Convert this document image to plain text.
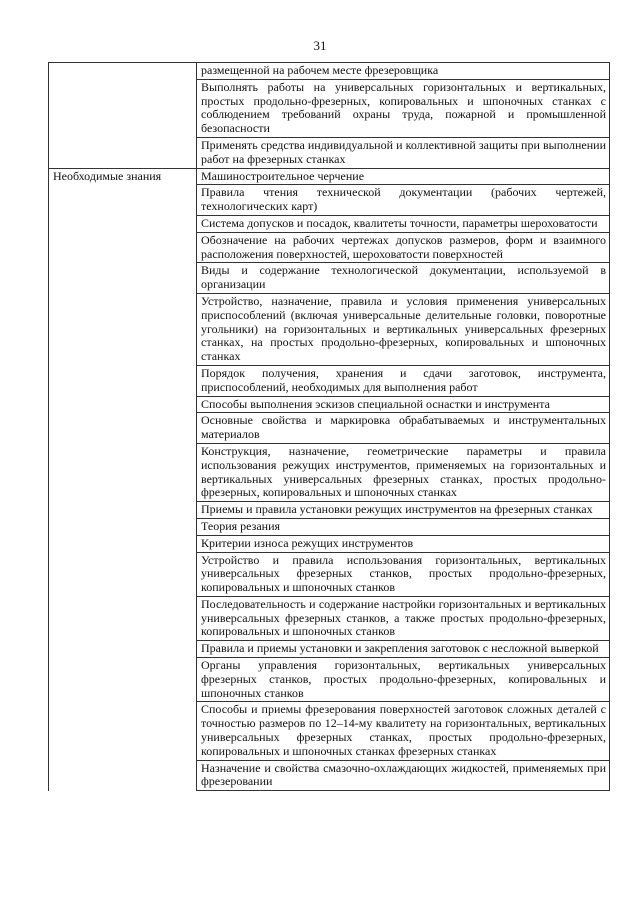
31
	размещенной на рабочем месте фрезеровщика
	Выполнять работы на универсальных горизонтальных и вертикальных, простых продольно-фрезерных, копировальных и шпоночных станках с соблюдением требований охраны труда, пожарной и промышленной безопасности
	Применять средства индивидуальной и коллективной защиты при выполнении работ на фрезерных станках
Необходимые знания	Машиностроительное черчение
	Правила чтения технической документации (рабочих чертежей, технологических карт)
	Система допусков и посадок, квалитеты точности, параметры шероховатости
	Обозначение на рабочих чертежах допусков размеров, форм и взаимного расположения поверхностей, шероховатости поверхностей
	Виды и содержание технологической документации, используемой в организации
	Устройство, назначение, правила и условия применения универсальных приспособлений (включая универсальные делительные головки, поворотные угольники) на горизонтальных и вертикальных универсальных фрезерных станках, на простых продольно-фрезерных, копировальных и шпоночных станках
	Порядок получения, хранения и сдачи заготовок, инструмента, приспособлений, необходимых для выполнения работ
	Способы выполнения эскизов специальной оснастки и инструмента
	Основные свойства и маркировка обрабатываемых и инструментальных материалов
	Конструкция, назначение, геометрические параметры и правила использования режущих инструментов, применяемых на горизонтальных и вертикальных универсальных фрезерных станках, простых продольно-фрезерных, копировальных и шпоночных станках
	Приемы и правила установки режущих инструментов на фрезерных станках
	Теория резания
	Критерии износа режущих инструментов
	Устройство и правила использования горизонтальных, вертикальных универсальных фрезерных станков, простых продольно-фрезерных, копировальных и шпоночных станков
	Последовательность и содержание настройки горизонтальных и вертикальных универсальных фрезерных станков, а также простых продольно-фрезерных, копировальных и шпоночных станков
	Правила и приемы установки и закрепления заготовок с несложной выверкой
	Органы управления горизонтальных, вертикальных универсальных фрезерных станков, простых продольно-фрезерных, копировальных и шпоночных станков
	Способы и приемы фрезерования поверхностей заготовок сложных деталей с точностью размеров по 12–14-му квалитету на горизонтальных, вертикальных универсальных фрезерных станках, простых продольно-фрезерных, копировальных и шпоночных станках фрезерных станках
	Назначение и свойства смазочно-охлаждающих жидкостей, применяемых при фрезеровании
